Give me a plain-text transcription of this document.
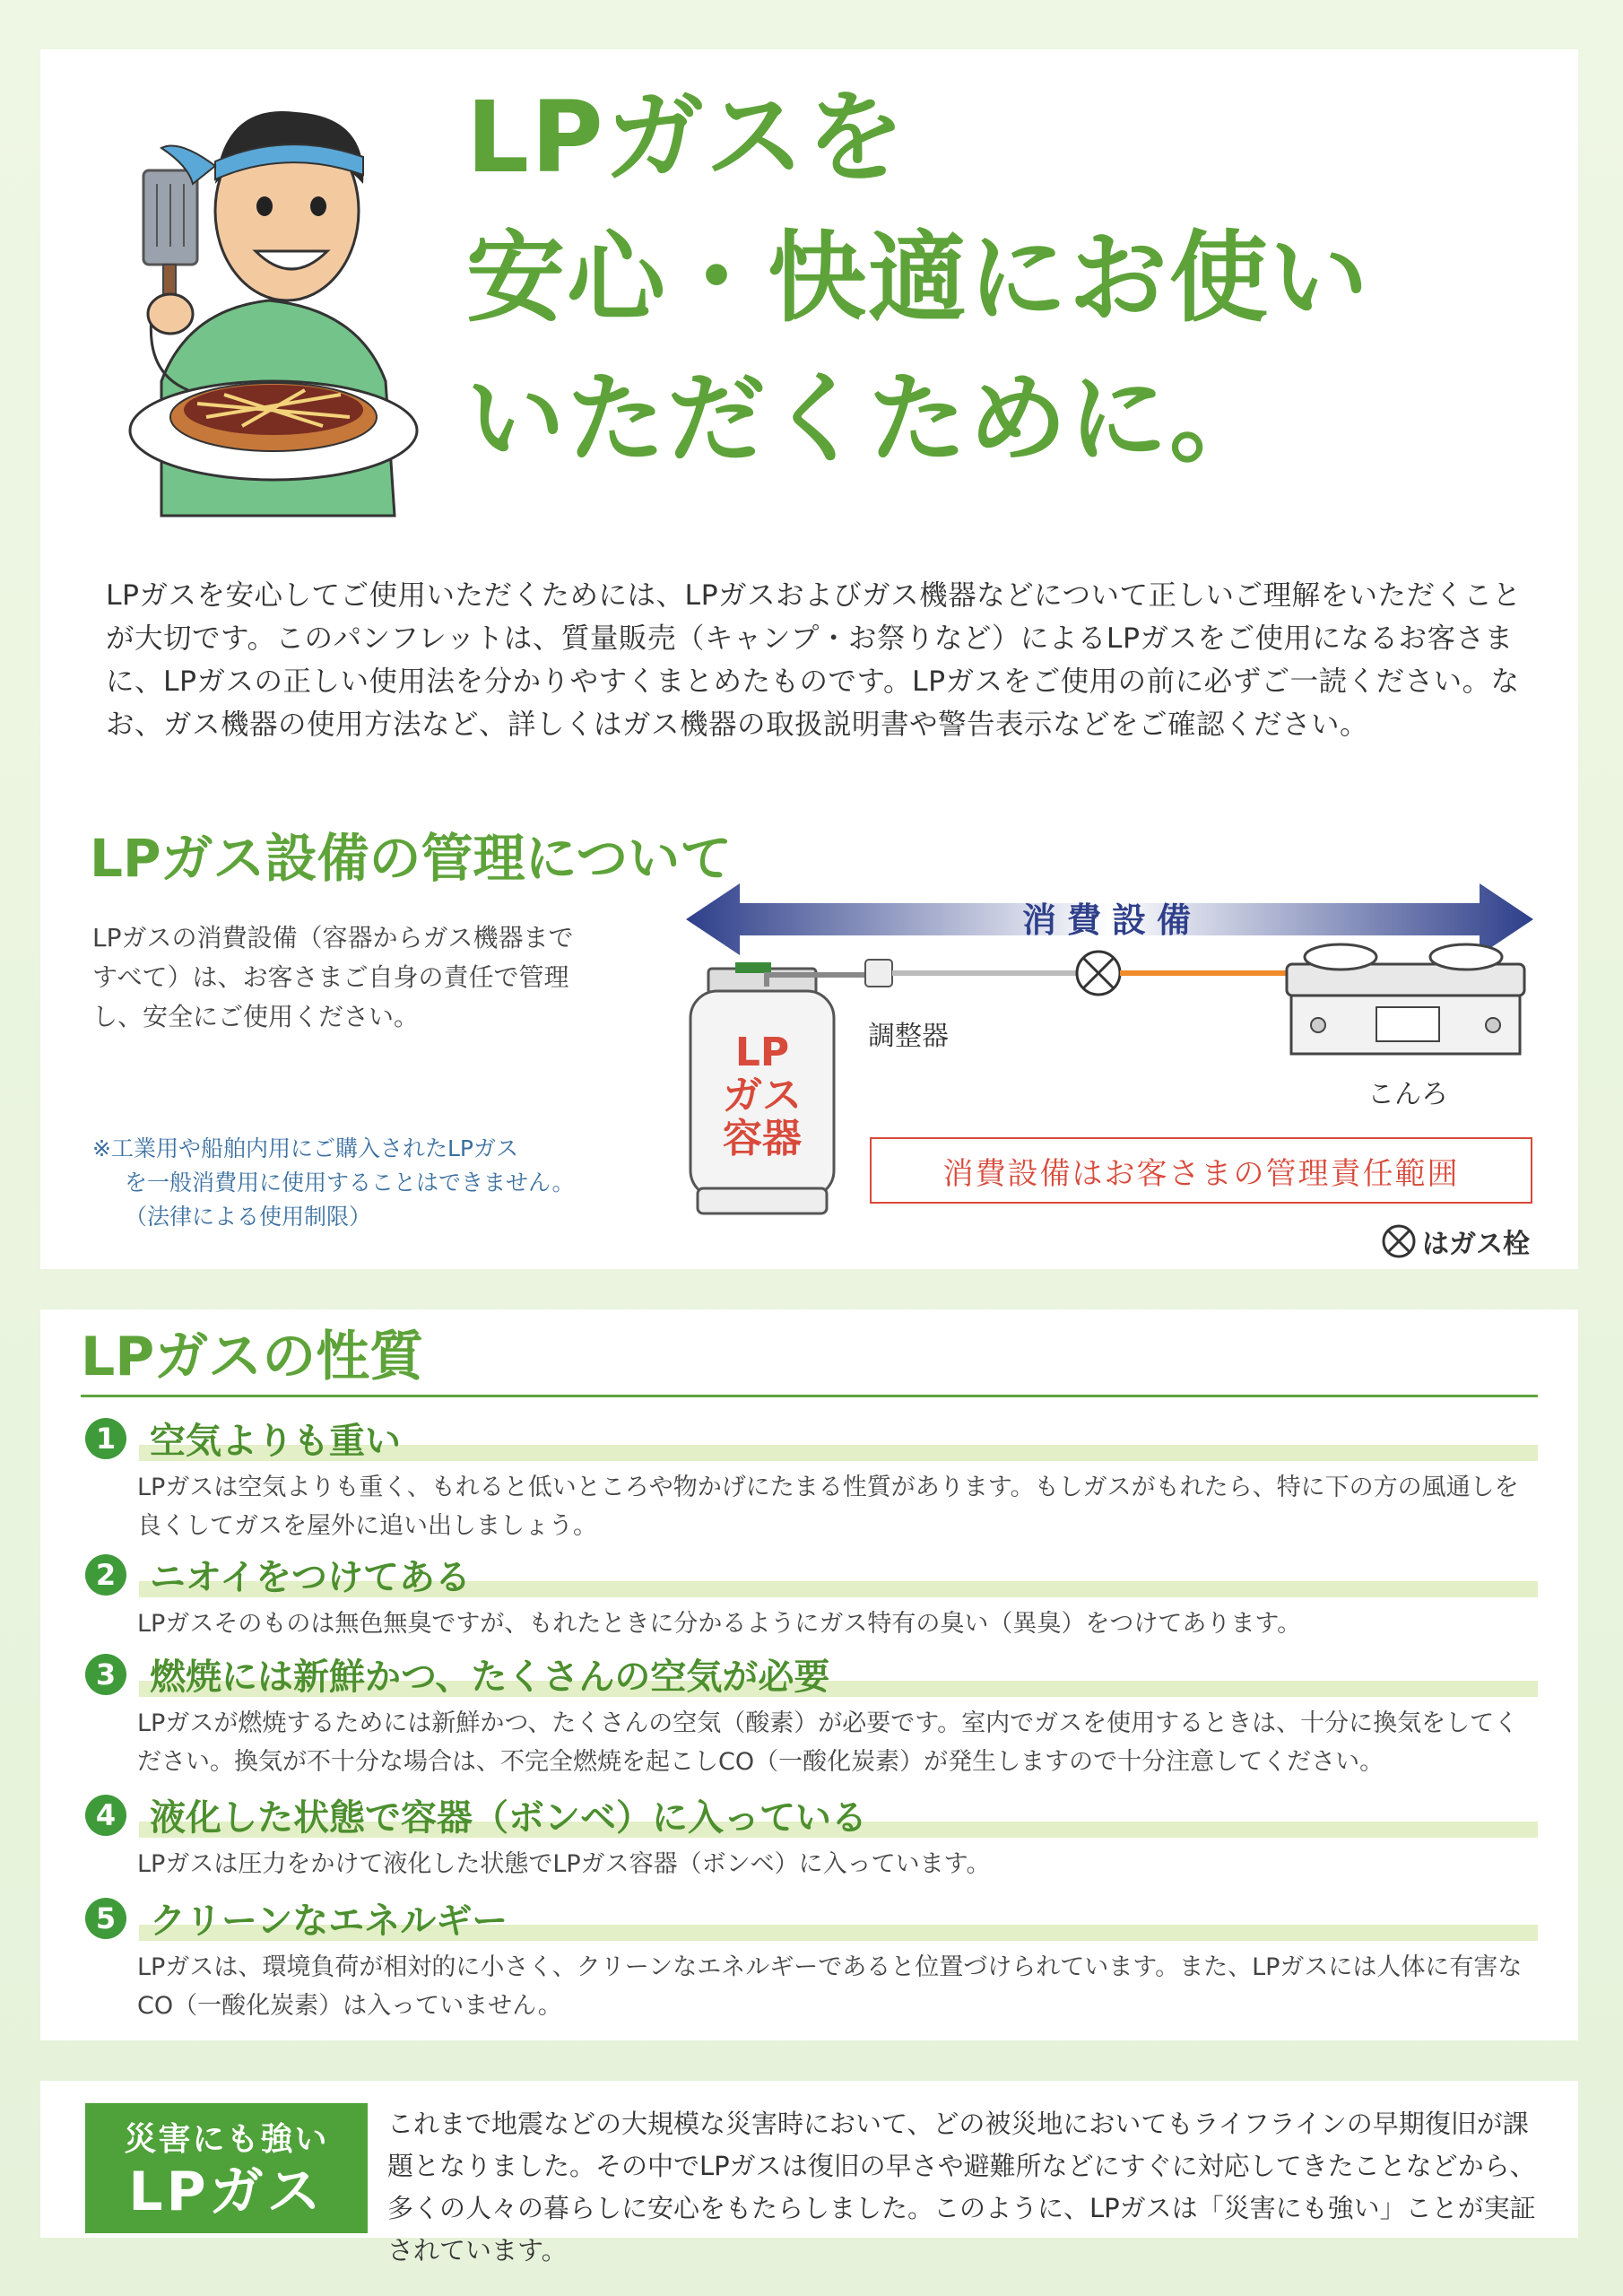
LPガスを
安心・快適にお使い
いただくために。
LPガスを安心してご使用いただくためには、LPガスおよびガス機器などについて正しいご理解をいただくことが大切です。このパンフレットは、質量販売（キャンプ・お祭りなど）によるLPガスをご使用になるお客さまに、LPガスの正しい使用法を分かりやすくまとめたものです。LPガスをご使用の前に必ずご一読ください。なお、ガス機器の使用方法など、詳しくはガス機器の取扱説明書や警告表示などをご確認ください。
LPガス設備の管理について
LPガスの消費設備（容器からガス機器まですべて）は、お客さまご自身の責任で管理し、安全にご使用ください。
※工業用や船舶内用にご購入されたLPガス
を一般消費用に使用することはできません。（法律による使用制限）
消費設備
LP
ガス
容器
調整器
こんろ
消費設備はお客さまの管理責任範囲
はガス栓
LPガスの性質
1 空気よりも重い
LPガスは空気よりも重く、もれると低いところや物かげにたまる性質があります。もしガスがもれたら、特に下の方の風通しを良くしてガスを屋外に追い出しましょう。
2 ニオイをつけてある
LPガスそのものは無色無臭ですが、もれたときに分かるようにガス特有の臭い（異臭）をつけてあります。
3 燃焼には新鮮かつ、たくさんの空気が必要
LPガスが燃焼するためには新鮮かつ、たくさんの空気（酸素）が必要です。室内でガスを使用するときは、十分に換気をしてください。換気が不十分な場合は、不完全燃焼を起こしCO（一酸化炭素）が発生しますので十分注意してください。
4 液化した状態で容器（ボンベ）に入っている
LPガスは圧力をかけて液化した状態でLPガス容器（ボンベ）に入っています。
5 クリーンなエネルギー
LPガスは、環境負荷が相対的に小さく、クリーンなエネルギーであると位置づけられています。また、LPガスには人体に有害なCO（一酸化炭素）は入っていません。
災害にも強い
LPガス
これまで地震などの大規模な災害時において、どの被災地においてもライフラインの早期復旧が課題となりました。その中でLPガスは復旧の早さや避難所などにすぐに対応してきたことなどから、多くの人々の暮らしに安心をもたらしました。このように、LPガスは「災害にも強い」ことが実証されています。
